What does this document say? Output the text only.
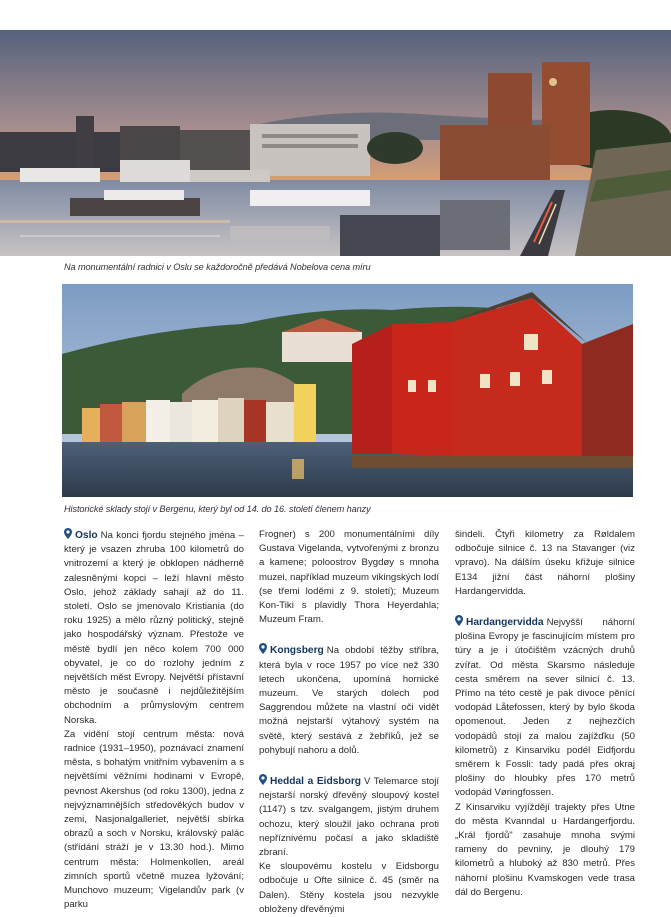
Na monumentální radnici v Oslu se každoročně předává Nobelova cena míru
Historické sklady stojí v Bergenu, který byl od 14. do 16. století členem hanzy

Oslo Na konci fjordu stejného jména – který je vsazen zhruba 100 kilometrů do vnitrozemí a který je obklopen nádherně zalesněnými kopci – leží hlavní město Oslo, jehož základy sahají až do 11. století. Oslo se jmenovalo Kristiania (do roku 1925) a mělo různý politický, stejně jako hospodářský význam. Přestože ve městě bydlí jen něco kolem 700 000 obyvatel, je co do rozlohy jedním z největších měst Evropy. Největší přístavní město je současně i nejdůležitějším obchodním a průmyslovým centrem Norska.

Za vidění stojí centrum města: nová radnice (1931–1950), poznávací znamení města, s bohatým vnitřním vybavením a s největšími věžními hodinami v Evropě, pevnost Akershus (od roku 1300), jedna z nejvýznamnějších středověkých budov v zemi, Nasjonalgalleriet, největší sbírka obrazů a soch v Norsku, královský palác (střídání stráží je v 13.30 hod.). Mimo centrum města: Holmenkollen, areál zimních sportů včetně muzea lyžování; Munchovo muzeum; Vigelandův park (v parku

Frogner) s 200 monumentálními díly Gustava Vigelanda, vytvořenými z bronzu a kamene; poloostrov Bygdøy s mnoha muzei, například muzeum vikingských lodí (se třemi loděmi z 9. století); Muzeum Kon-Tiki s plavidly Thora Heyerdahla; Muzeum Fram.

Kongsberg Na období těžby stříbra, která byla v roce 1957 po více než 330 letech ukončena, upomíná hornické muzeum. Ve starých dolech pod Saggrendou můžete na vlastní oči vidět možná nejstarší výtahový systém na světě, který sestává z žebříků, jež se pohybují nahoru a dolů.

Heddal a Eidsborg V Telemarce stojí nejstarší norský dřevěný sloupový kostel (1147) s tzv. svalgangem, jistým druhem ochozu, který sloužil jako ochrana proti nepříznivému počasí a jako skladiště zbraní.

Ke sloupovému kostelu v Eidsborgu odbočuje u Ofte silnice č. 45 (směr na Dalen). Stěny kostela jsou nezvykle obloženy dřevěnými

šindeli. Čtyři kilometry za Røldalem odbočuje silnice č. 13 na Stavanger (viz vpravo). Na dálším úseku křižuje silnice E134 jižní část náhorní plošiny Hardangervidda.

Hardangervidda Nejvyšší náhorní plošina Evropy je fascinujícím místem pro túry a je i útočištěm vzácných druhů zvířat. Od města Skarsmo následuje cesta směrem na sever silnicí č. 13. Přímo na této cestě je pak divoce pěnící vodopád Låtefossen, který by bylo škoda opomenout. Jeden z nejhezčích vodopádů stojí za malou zajížďku (50 kilometrů) z Kinsarviku podél Eidfjordu směrem k Fossli: tady padá přes okraj plošiny do hloubky přes 170 metrů vodopád Vøringfossen.

Z Kinsarviku vyjíždějí trajekty přes Utne do města Kvanndal u Hardangerfjordu. „Král fjordů" zasahuje mnoha svými rameny do pevniny, je dlouhý 179 kilometrů a hluboký až 830 metrů. Přes náhorní plošinu Kvamskogen vede trasa dál do Bergenu.
